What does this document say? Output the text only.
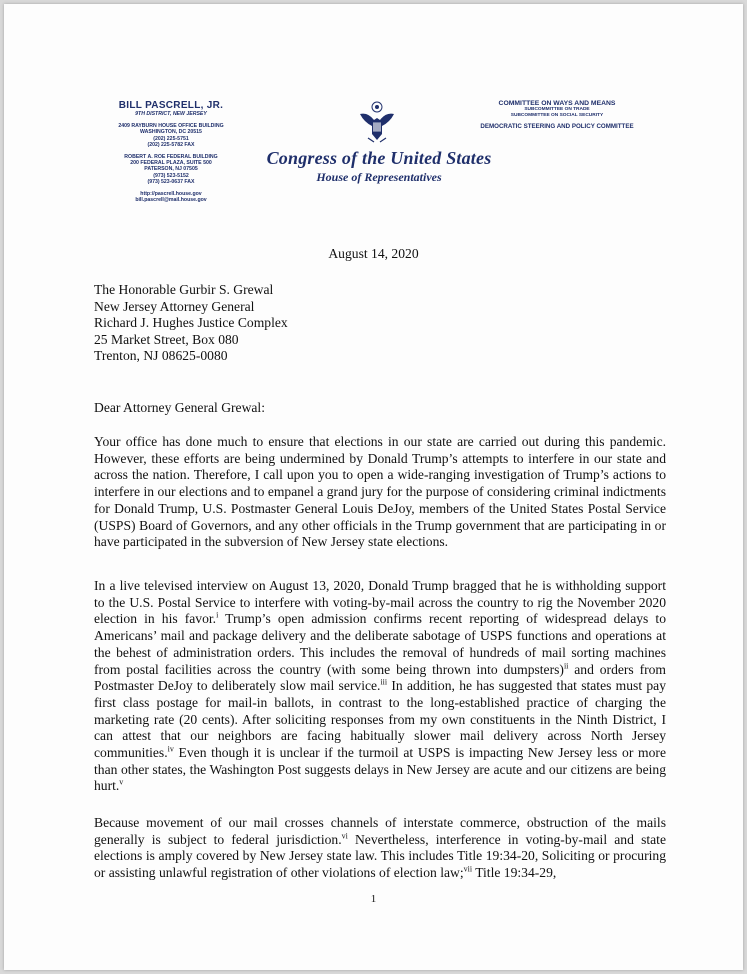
BILL PASCRELL, JR.
9TH DISTRICT, NEW JERSEY
2409 RAYBURN HOUSE OFFICE BUILDING
WASHINGTON, DC 20515
(202) 225-5751
(202) 225-5782 FAX
ROBERT A. ROE FEDERAL BUILDING
200 FEDERAL PLAZA, SUITE 500
PATERSON, NJ 07505
(973) 523-5152
(973) 523-0637 FAX
http://pascrell.house.gov
bill.pascrell@mail.house.gov
Congress of the United States
House of Representatives
COMMITTEE ON WAYS AND MEANS
SUBCOMMITTEE ON TRADE
SUBCOMMITTEE ON SOCIAL SECURITY
DEMOCRATIC STEERING AND POLICY COMMITTEE
August 14, 2020
The Honorable Gurbir S. Grewal
New Jersey Attorney General
Richard J. Hughes Justice Complex
25 Market Street, Box 080
Trenton, NJ 08625-0080
Dear Attorney General Grewal:

Your office has done much to ensure that elections in our state are carried out during this pandemic. However, these efforts are being undermined by Donald Trump’s attempts to interfere in our state and across the nation. Therefore, I call upon you to open a wide-ranging investigation of Trump’s actions to interfere in our elections and to empanel a grand jury for the purpose of considering criminal indictments for Donald Trump, U.S. Postmaster General Louis DeJoy, members of the United States Postal Service (USPS) Board of Governors, and any other officials in the Trump government that are participating in or have participated in the subversion of New Jersey state elections.

In a live televised interview on August 13, 2020, Donald Trump bragged that he is withholding support to the U.S. Postal Service to interfere with voting-by-mail across the country to rig the November 2020 election in his favor.$^i$ Trump’s open admission confirms recent reporting of widespread delays to Americans’ mail and package delivery and the deliberate sabotage of USPS functions and operations at the behest of administration orders. This includes the removal of hundreds of mail sorting machines from postal facilities across the country (with some being thrown into dumpsters)$^{ii}$ and orders from Postmaster DeJoy to deliberately slow mail service.$^{iii}$ In addition, he has suggested that states must pay first class postage for mail-in ballots, in contrast to the long-established practice of charging the marketing rate (20 cents). After soliciting responses from my own constituents in the Ninth District, I can attest that our neighbors are facing habitually slower mail delivery across North Jersey communities.$^{iv}$ Even though it is unclear if the turmoil at USPS is impacting New Jersey less or more than other states, the Washington Post suggests delays in New Jersey are acute and our citizens are being hurt.$^v$

Because movement of our mail crosses channels of interstate commerce, obstruction of the mails generally is subject to federal jurisdiction.$^{vi}$ Nevertheless, interference in voting-by-mail and state elections is amply covered by New Jersey state law. This includes Title 19:34-20, Soliciting or procuring or assisting unlawful registration of other violations of election law;$^{vii}$ Title 19:34-29,

1
